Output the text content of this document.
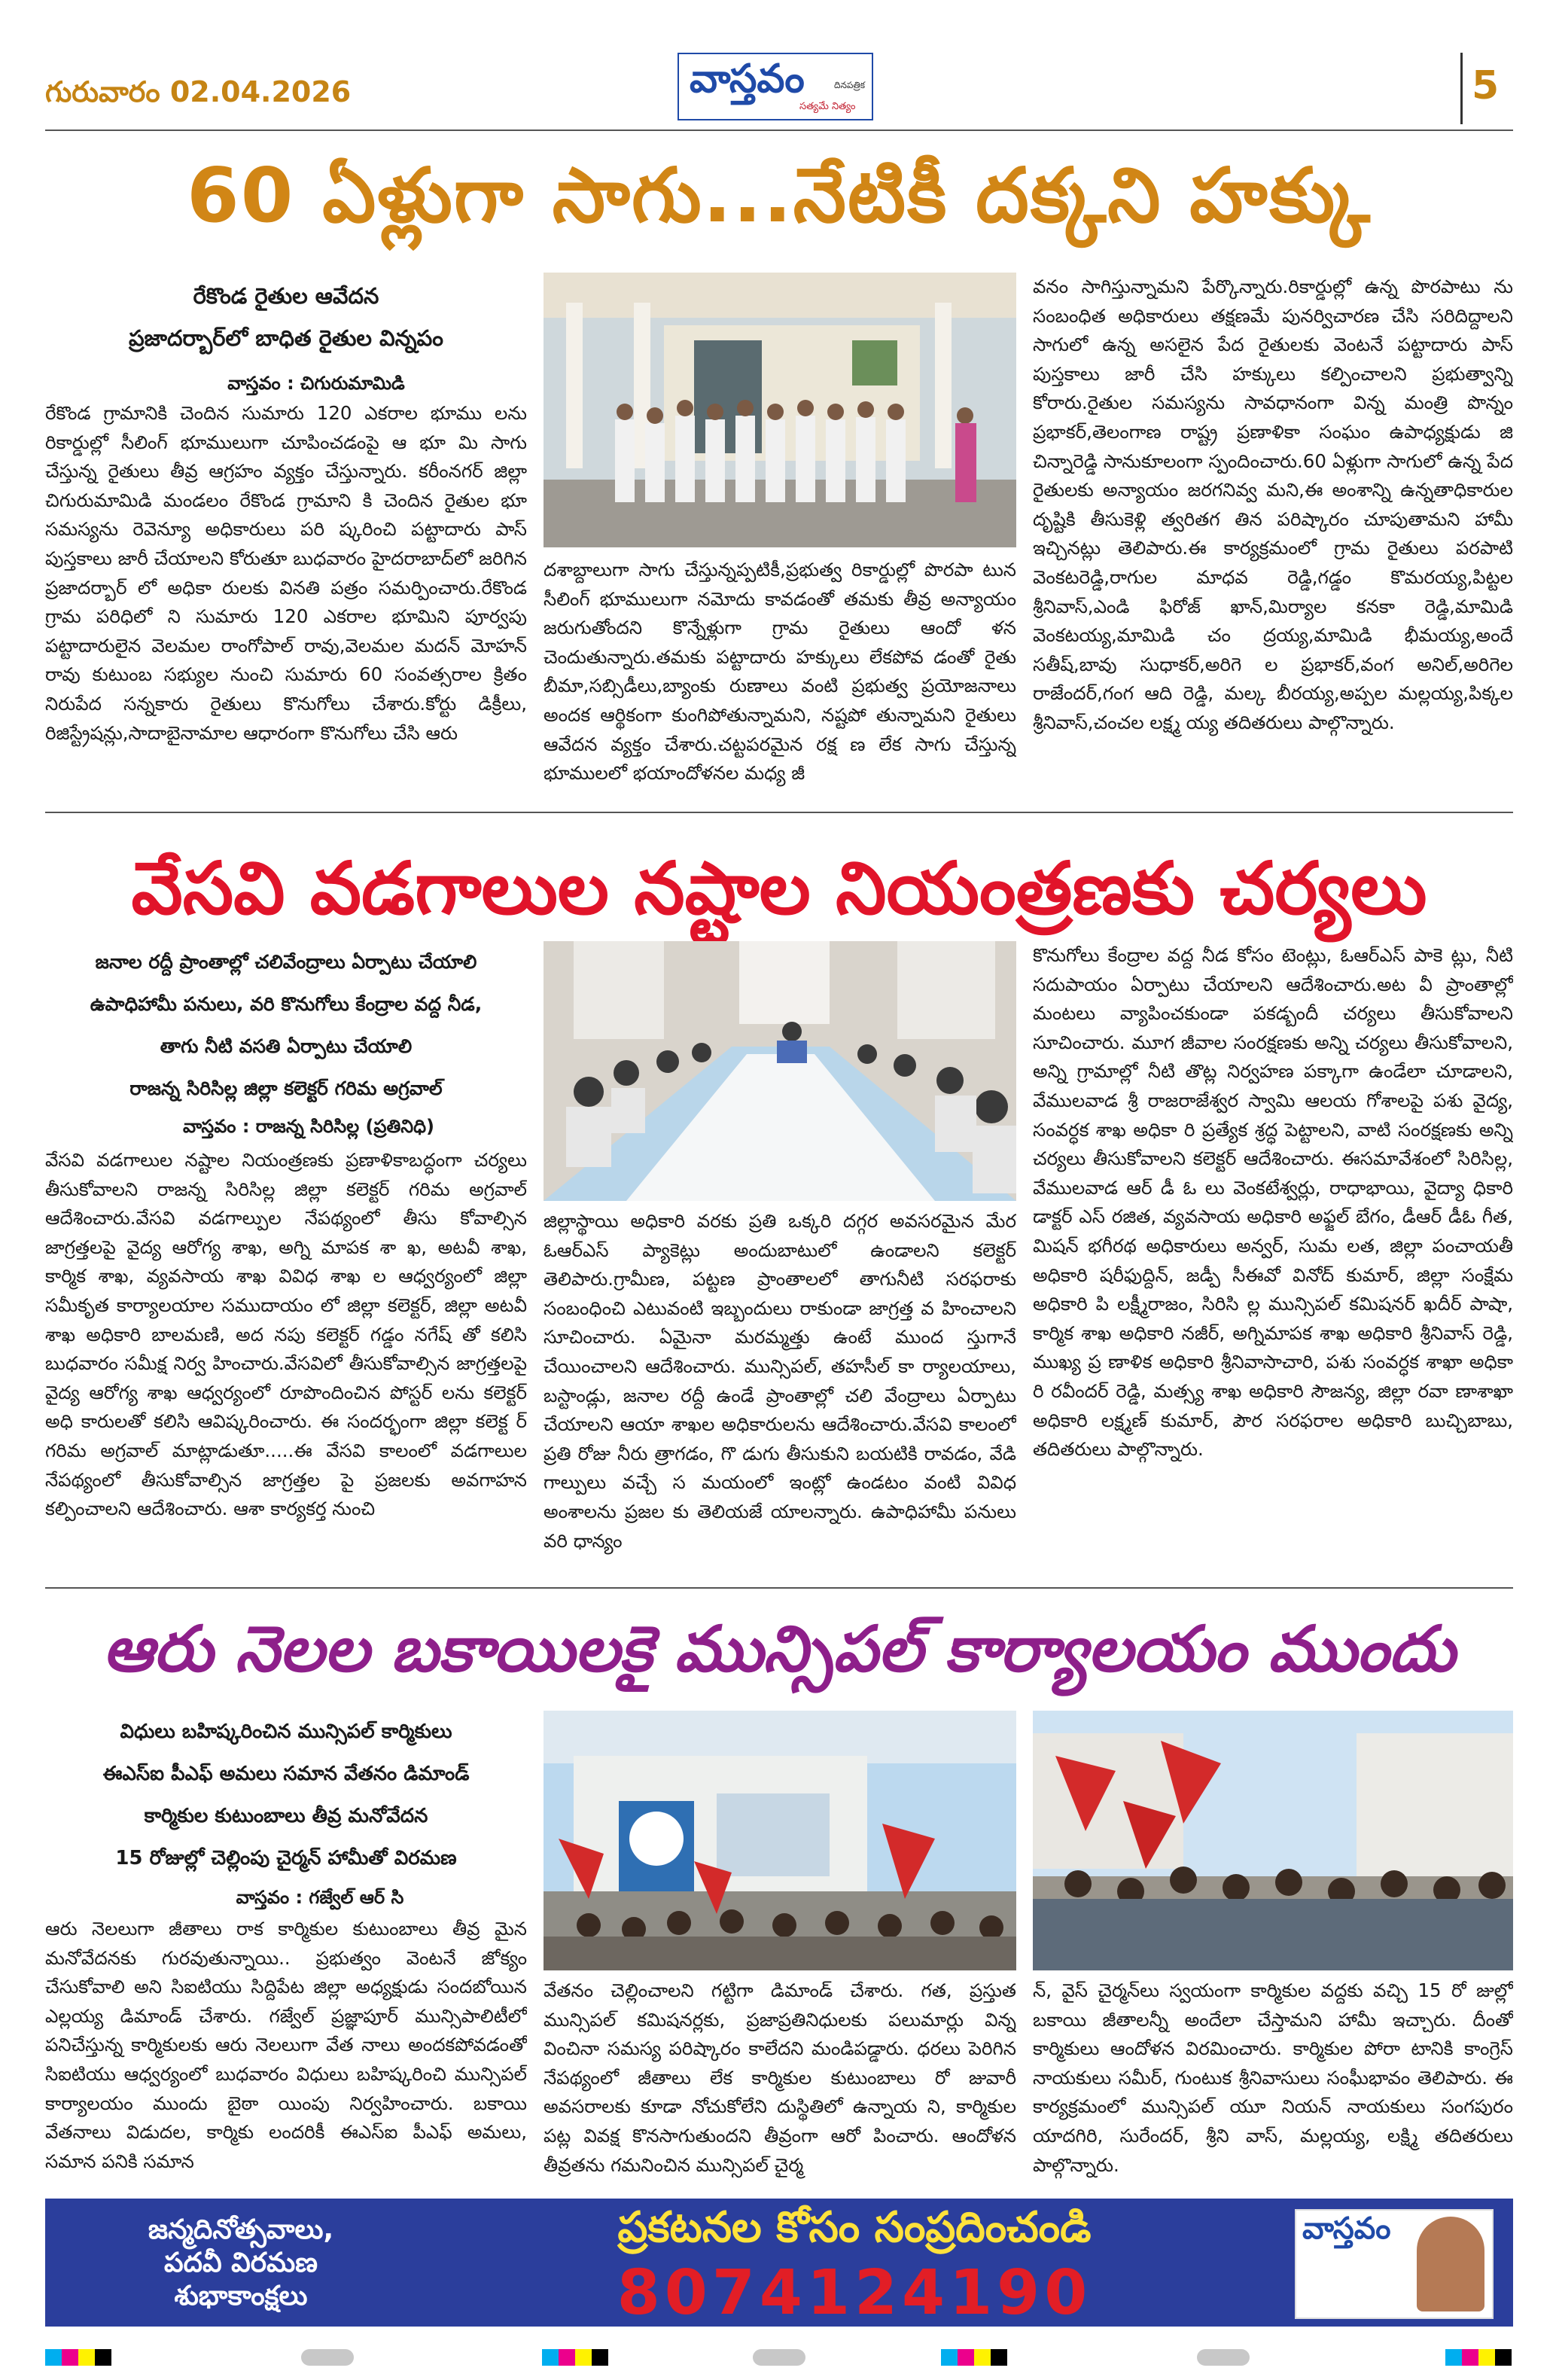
గురువారం 02.04.2026	వాస్తవం	దినపత్రిక
సత్యమే నిత్యం	5
60 ఏళ్లుగా సాగు...నేటికీ దక్కని హక్కు
రేకొండ రైతుల ఆవేదన
ప్రజాదర్బార్‌లో బాధిత రైతుల విన్నపం
వాస్తవం : చిగురుమామిడి
రేకొండ గ్రామానికి చెందిన సుమారు 120 ఎకరాల భూము లను రికార్డుల్లో సీలింగ్ భూములుగా చూపించడంపై ఆ భూ మి సాగు చేస్తున్న రైతులు తీవ్ర ఆగ్రహం వ్యక్తం చేస్తున్నారు. కరీంనగర్ జిల్లా చిగురుమామిడి మండలం రేకొండ గ్రామాని కి చెందిన రైతుల భూ సమస్యను రెవెన్యూ అధికారులు పరి ష్కరించి పట్టాదారు పాస్ పుస్తకాలు జారీ చేయాలని కోరుతూ బుధవారం హైదరాబాద్‌లో జరిగిన ప్రజాదర్బార్ లో అధికా రులకు వినతి పత్రం సమర్పించారు.రేకొండ గ్రామ పరిధిలో ని సుమారు 120 ఎకరాల భూమిని పూర్వపు పట్టాదారులైన వెలమల రాంగోపాల్ రావు,వెలమల మదన్ మోహన్ రావు కుటుంబ సభ్యుల నుంచి సుమారు 60 సంవత్సరాల క్రితం నిరుపేద సన్నకారు రైతులు కొనుగోలు చేశారు.కోర్టు డిక్రీలు, రిజిస్ట్రేషన్లు,సాదాబైనామాల ఆధారంగా కొనుగోలు చేసి ఆరు
దశాబ్దాలుగా సాగు చేస్తున్నప్పటికీ,ప్రభుత్వ రికార్డుల్లో పొరపా టున సీలింగ్ భూములుగా నమోదు కావడంతో తమకు తీవ్ర అన్యాయం జరుగుతోందని కొన్నేళ్లుగా గ్రామ రైతులు ఆందో ళన చెందుతున్నారు.తమకు పట్టాదారు హక్కులు లేకపోవ డంతో రైతు బీమా,సబ్సిడీలు,బ్యాంకు రుణాలు వంటి ప్రభుత్వ ప్రయోజనాలు అందక ఆర్థికంగా కుంగిపోతున్నామని, నష్టపో తున్నామని రైతులు ఆవేదన వ్యక్తం చేశారు.చట్టపరమైన రక్ష ణ లేక సాగు చేస్తున్న భూములలో భయాందోళనల మధ్య జీ
వనం సాగిస్తున్నామని పేర్కొన్నారు.రికార్డుల్లో ఉన్న పొరపాటు ను సంబంధిత అధికారులు తక్షణమే పునర్విచారణ చేసి సరిదిద్దాలని సాగులో ఉన్న అసలైన పేద రైతులకు వెంటనే పట్టాదారు పాస్ పుస్తకాలు జారీ చేసి హక్కులు కల్పించాలని ప్రభుత్వాన్ని కోరారు.రైతుల సమస్యను సావధానంగా విన్న మంత్రి పొన్నం ప్రభాకర్,తెలంగాణ రాష్ట్ర ప్రణాళికా సంఘం ఉపాధ్యక్షుడు జి చిన్నారెడ్డి సానుకూలంగా స్పందించారు.60 ఏళ్లుగా సాగులో ఉన్న పేద రైతులకు అన్యాయం జరగనివ్వ మని,ఈ అంశాన్ని ఉన్నతాధికారుల దృష్టికి తీసుకెళ్లి త్వరితగ తిన పరిష్కారం చూపుతామని హామీ ఇచ్చినట్లు తెలిపారు.ఈ కార్యక్రమంలో గ్రామ రైతులు పరపాటి వెంకటరెడ్డి,రాగుల మాధవ రెడ్డి,గడ్డం కొమరయ్య,పిట్టల శ్రీనివాస్,ఎండి ఫిరోజ్ ఖాన్,మిర్యాల కనకా రెడ్డి,మామిడి వెంకటయ్య,మామిడి చం ద్రయ్య,మామిడి భీమయ్య,అందే సతీష్,బావు సుధాకర్,అరిగె ల ప్రభాకర్,వంగ అనిల్,అరిగెల రాజేందర్,గంగ ఆది రెడ్డి, మల్క బీరయ్య,అప్పల మల్లయ్య,పిక్కల శ్రీనివాస్,చంచల లక్ష్మ య్య తదితరులు పాల్గొన్నారు.
వేసవి వడగాలుల నష్టాల నియంత్రణకు చర్యలు
జనాల రద్దీ ప్రాంతాల్లో చలివేంద్రాలు ఏర్పాటు చేయాలి
ఉపాధిహామీ పనులు, వరి కొనుగోలు కేంద్రాల వద్ద నీడ,
తాగు నీటి వసతి ఏర్పాటు చేయాలి
రాజన్న సిరిసిల్ల జిల్లా కలెక్టర్ గరిమ అగ్రవాల్
వాస్తవం : రాజన్న సిరిసిల్ల (ప్రతినిధి)
వేసవి వడగాలుల నష్టాల నియంత్రణకు ప్రణాళికాబద్ధంగా చర్యలు తీసుకోవాలని రాజన్న సిరిసిల్ల జిల్లా కలెక్టర్ గరిమ అగ్రవాల్ ఆదేశించారు.వేసవి వడగాల్పుల నేపథ్యంలో తీసు కోవాల్సిన జాగ్రత్తలపై వైద్య ఆరోగ్య శాఖ, అగ్ని మాపక శా ఖ, అటవీ శాఖ, కార్మిక శాఖ, వ్యవసాయ శాఖ వివిధ శాఖ ల ఆధ్వర్యంలో జిల్లా సమీకృత కార్యాలయాల సముదాయం లో జిల్లా కలెక్టర్, జిల్లా అటవీ శాఖ అధికారి బాలమణి, అద నపు కలెక్టర్ గడ్డం నగేష్ తో కలిసి బుధవారం సమీక్ష నిర్వ హించారు.వేసవిలో తీసుకోవాల్సిన జాగ్రత్తలపై వైద్య ఆరోగ్య శాఖ ఆధ్వర్యంలో రూపొందించిన పోస్టర్ లను కలెక్టర్ అధి కారులతో కలిసి ఆవిష్కరించారు. ఈ సందర్భంగా జిల్లా కలెక్ట ర్ గరిమ అగ్రవాల్ మాట్లాడుతూ.....ఈ వేసవి కాలంలో వడగాలుల నేపథ్యంలో తీసుకోవాల్సిన జాగ్రత్తల పై ప్రజలకు అవగాహన కల్పించాలని ఆదేశించారు. ఆశా కార్యకర్త నుంచి
జిల్లాస్థాయి అధికారి వరకు ప్రతి ఒక్కరి దగ్గర అవసరమైన మేర ఓఆర్ఎస్ ప్యాకెట్లు అందుబాటులో ఉండాలని కలెక్టర్ తెలిపారు.గ్రామీణ, పట్టణ ప్రాంతాలలో తాగునీటి సరఫరాకు సంబంధించి ఎటువంటి ఇబ్బందులు రాకుండా జాగ్రత్త వ హించాలని సూచించారు. ఏమైనా మరమ్మత్తు ఉంటే ముంద స్తుగానే చేయించాలని ఆదేశించారు. మున్సిపల్, తహసీల్ కా ర్యాలయాలు, బస్టాండ్లు, జనాల రద్దీ ఉండే ప్రాంతాల్లో చలి వేంద్రాలు ఏర్పాటు చేయాలని ఆయా శాఖల అధికారులను ఆదేశించారు.వేసవి కాలంలో ప్రతి రోజు నీరు త్రాగడం, గొ డుగు తీసుకుని బయటికి రావడం, వేడి గాల్పులు వచ్చే స మయంలో ఇంట్లో ఉండటం వంటి వివిధ అంశాలను ప్రజల కు తెలియజే యాలన్నారు. ఉపాధిహామీ పనులు వరి ధాన్యం
కొనుగోలు కేంద్రాల వద్ద నీడ కోసం టెంట్లు, ఓఆర్ఎస్ పాకె ట్లు, నీటి సదుపాయం ఏర్పాటు చేయాలని ఆదేశించారు.అట వీ ప్రాంతాల్లో మంటలు వ్యాపించకుండా పకడ్బందీ చర్యలు తీసుకోవాలని సూచించారు. మూగ జీవాల సంరక్షణకు అన్ని చర్యలు తీసుకోవాలని, అన్ని గ్రామాల్లో నీటి తొట్ల నిర్వహణ పక్కాగా ఉండేలా చూడాలని, వేములవాడ శ్రీ రాజరాజేశ్వర స్వామి ఆలయ గోశాలపై పశు వైద్య, సంవర్ధక శాఖ అధికా రి ప్రత్యేక శ్రద్ధ పెట్టాలని, వాటి సంరక్షణకు అన్ని చర్యలు తీసుకోవాలని కలెక్టర్ ఆదేశించారు. ఈసమావేశంలో సిరిసిల్ల, వేములవాడ ఆర్ డీ ఓ లు వెంకటేశ్వర్లు, రాధాభాయి, వైద్యా ధికారి డాక్టర్ ఎస్ రజిత, వ్యవసాయ అధికారి అఫ్జల్ బేగం, డీఆర్ డీఓ గీత, మిషన్ భగీరథ అధికారులు అన్వర్, సుమ లత, జిల్లా పంచాయతీ అధికారి షరీఫుద్దిన్, జడ్పీ సీఈవో వినోద్ కుమార్, జిల్లా సంక్షేమ అధికారి పి లక్ష్మీరాజం, సిరిసి ల్ల మున్సిపల్ కమిషనర్ ఖదీర్ పాషా, కార్మిక శాఖ అధికారి నజీర్, అగ్నిమాపక శాఖ అధికారి శ్రీనివాస్ రెడ్డి, ముఖ్య ప్ర ణాళిక అధికారి శ్రీనివాసాచారి, పశు సంవర్ధక శాఖా అధికా రి రవీందర్ రెడ్డి, మత్స్య శాఖ అధికారి సౌజన్య, జిల్లా రవా ణాశాఖా అధికారి లక్ష్మణ్ కుమార్, పౌర సరఫరాల అధికారి బుచ్చిబాబు, తదితరులు పాల్గొన్నారు.
ఆరు నెలల బకాయిలకై మున్సిపల్ కార్యాలయం ముందు
విధులు బహిష్కరించిన మున్సిపల్ కార్మికులు
ఈఎస్ఐ పీఎఫ్ అమలు సమాన వేతనం డిమాండ్
కార్మికుల కుటుంబాలు తీవ్ర మనోవేదన
15 రోజుల్లో చెల్లింపు చైర్మన్ హామీతో విరమణ
వాస్తవం : గజ్వేల్ ఆర్ సి
ఆరు నెలలుగా జీతాలు రాక కార్మికుల కుటుంబాలు తీవ్ర మైన మనోవేదనకు గురవుతున్నాయి.. ప్రభుత్వం వెంటనే జోక్యం చేసుకోవాలి అని సిఐటియు సిద్దిపేట జిల్లా అధ్యక్షుడు సందబోయిన ఎల్లయ్య డిమాండ్ చేశారు. గజ్వేల్ ప్రజ్ఞాపూర్ మున్సిపాలిటీలో పనిచేస్తున్న కార్మికులకు ఆరు నెలలుగా వేత నాలు అందకపోవడంతో సిఐటియు ఆధ్వర్యంలో బుధవారం విధులు బహిష్కరించి మున్సిపల్ కార్యాలయం ముందు బైఠా యింపు నిర్వహించారు. బకాయి వేతనాలు విడుదల, కార్మికు లందరికీ ఈఎస్ఐ పీఎఫ్ అమలు, సమాన పనికి సమాన
వేతనం చెల్లించాలని గట్టిగా డిమాండ్ చేశారు. గత, ప్రస్తుత మున్సిపల్ కమిషనర్లకు, ప్రజాప్రతినిధులకు పలుమార్లు విన్న వించినా సమస్య పరిష్కారం కాలేదని మండిపడ్డారు. ధరలు పెరిగిన నేపథ్యంలో జీతాలు లేక కార్మికుల కుటుంబాలు రో జువారీ అవసరాలకు కూడా నోచుకోలేని దుస్థితిలో ఉన్నాయ ని, కార్మికుల పట్ల వివక్ష కొనసాగుతుందని తీవ్రంగా ఆరో పించారు. ఆందోళన తీవ్రతను గమనించిన మున్సిపల్ చైర్మ
న్, వైస్ చైర్మన్‌లు స్వయంగా కార్మికుల వద్దకు వచ్చి 15 రో జుల్లో బకాయి జీతాలన్నీ అందేలా చేస్తామని హామీ ఇచ్చారు. దీంతో కార్మికులు ఆందోళన విరమించారు. కార్మికుల పోరా టానికి కాంగ్రెస్ నాయకులు సమీర్, గుంటుక శ్రీనివాసులు సంఘీభావం తెలిపారు. ఈ కార్యక్రమంలో మున్సిపల్ యూ నియన్ నాయకులు సంగపురం యాదగిరి, సురేందర్, శ్రీని వాస్, మల్లయ్య, లక్ష్మి తదితరులు పాల్గొన్నారు.
జన్మదినోత్సవాలు,
పదవీ విరమణ
శుభాకాంక్షలు
ప్రకటనల కోసం సంప్రదించండి
8074124190
వాస్తవం
